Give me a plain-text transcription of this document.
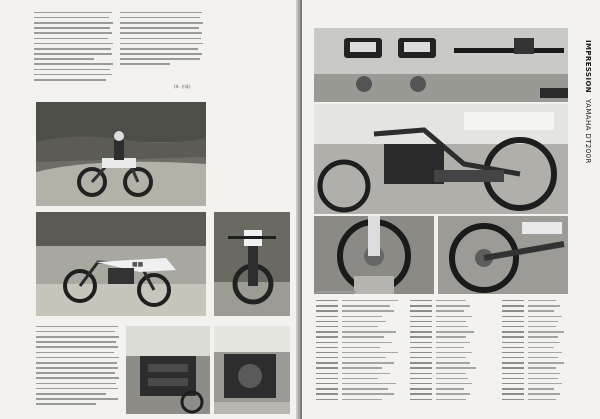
(H. 芳雄)
■■
IMPRESSION YAMAHA DT200R
